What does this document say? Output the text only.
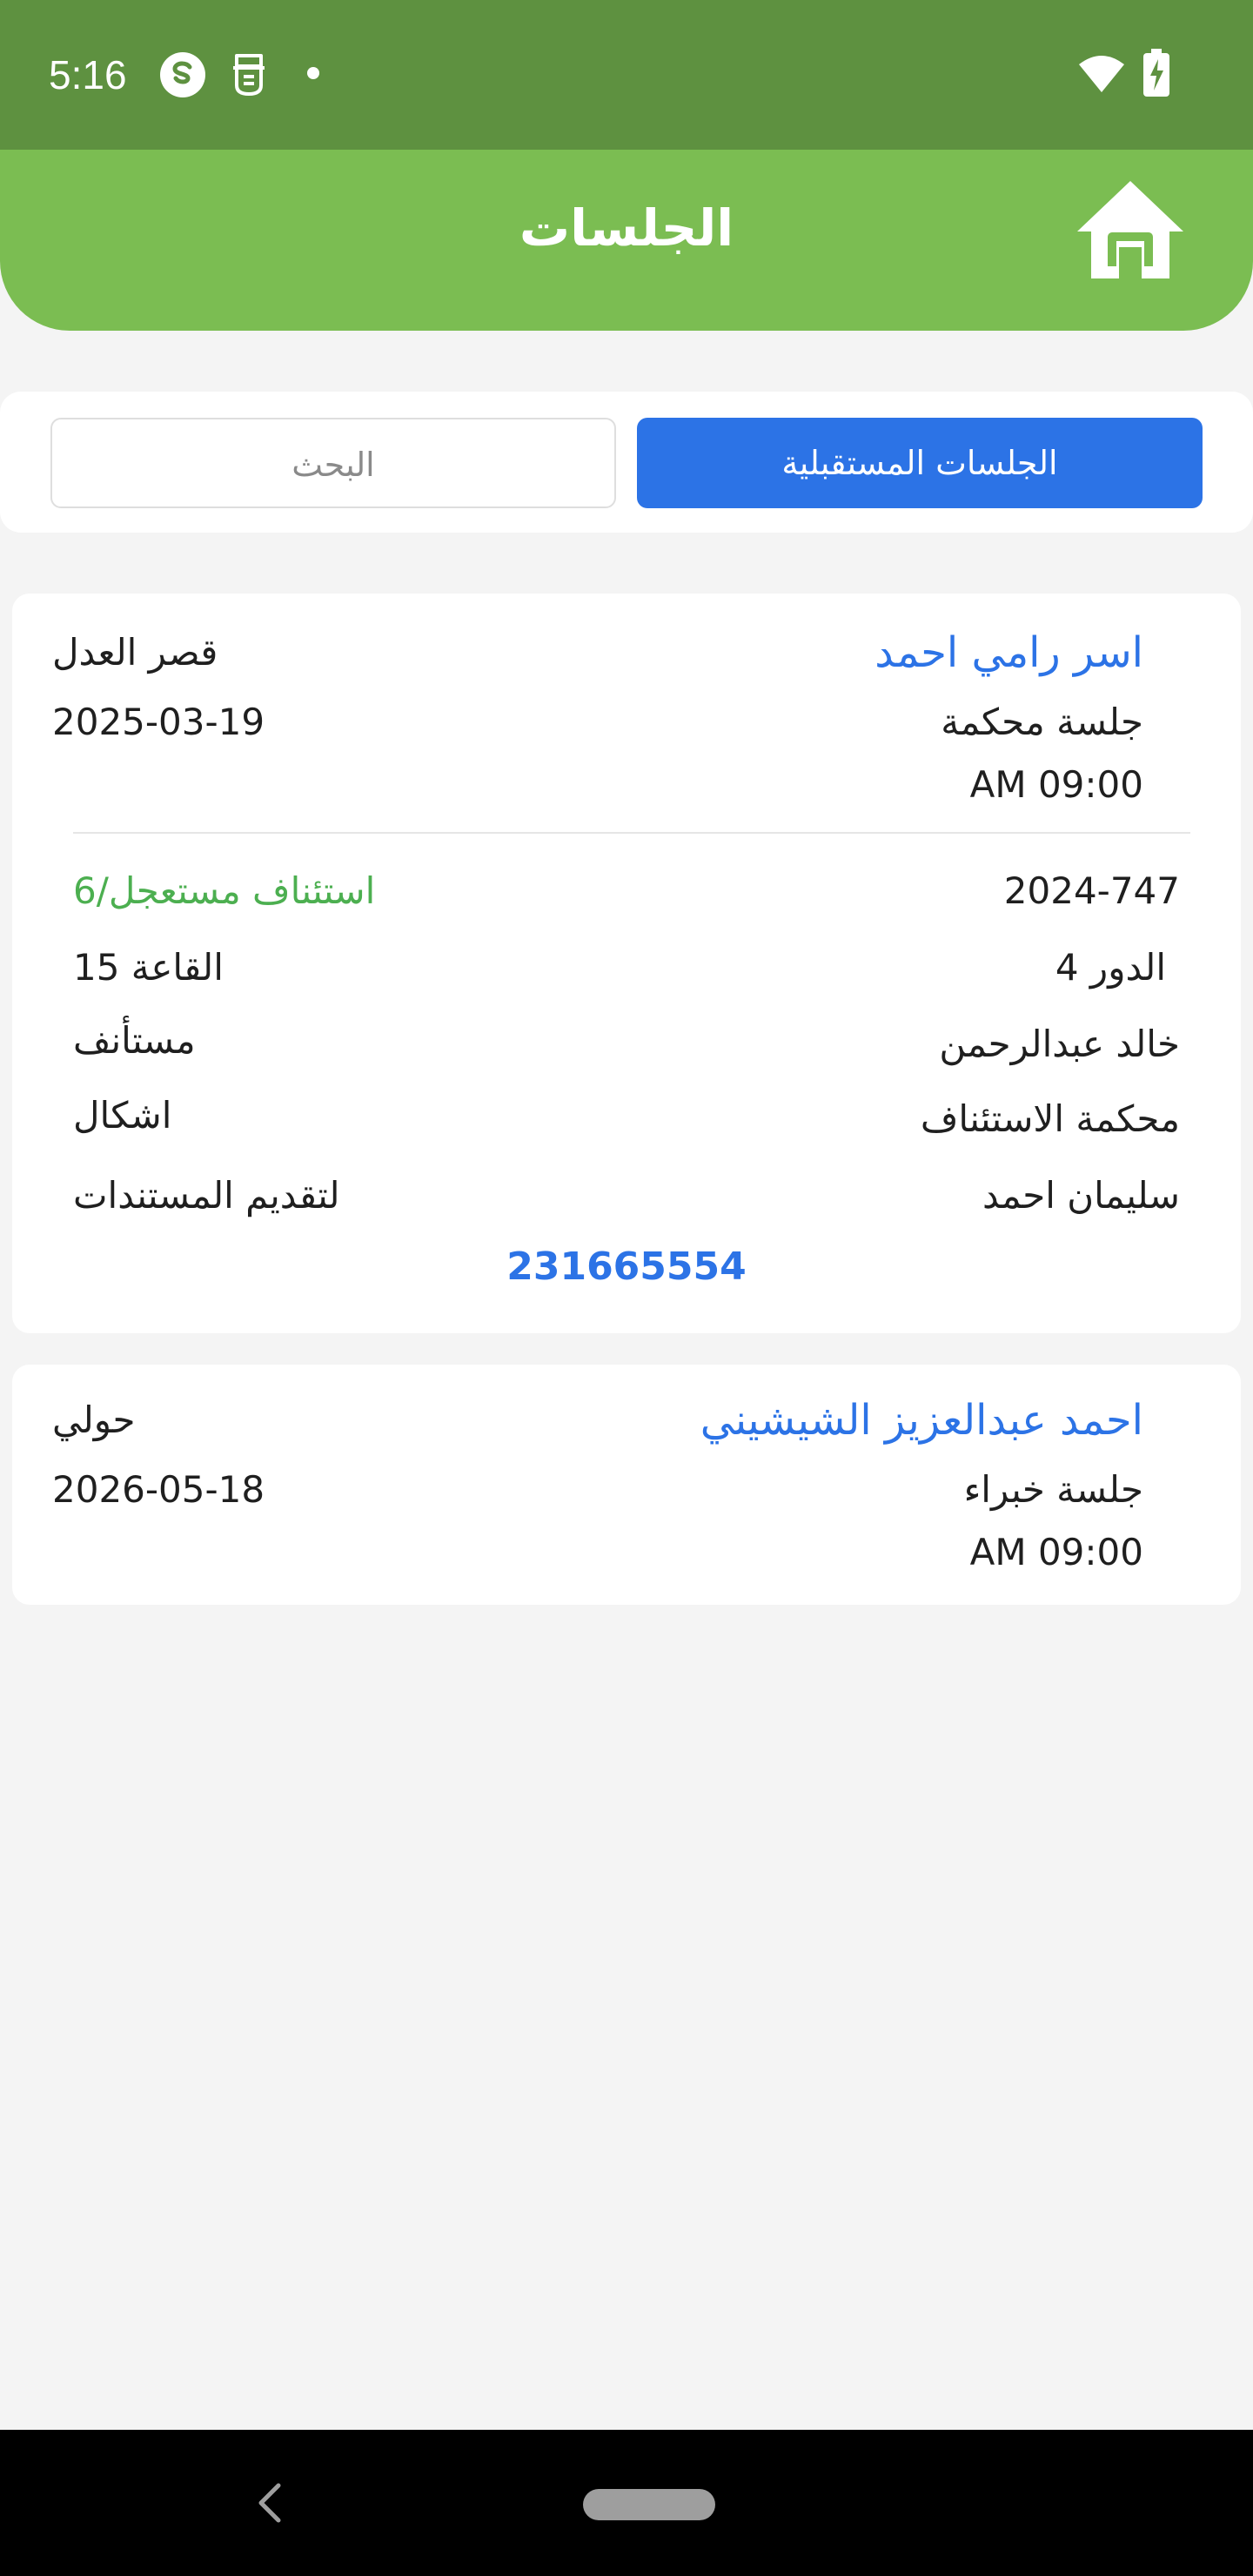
5:16
الجلسات
الجلسات المستقبلية
البحث
اسر رامي احمد
قصر العدل
جلسة محكمة
2025-03-19
AM 09:00
2024-747
استئناف مستعجل/6
الدور 4
القاعة 15
خالد عبدالرحمن
مستأنف
محكمة الاستئناف
اشكال
سليمان احمد
لتقديم المستندات
231665554
احمد عبدالعزيز الشيشيني
حولي
جلسة خبراء
2026-05-18
AM 09:00
